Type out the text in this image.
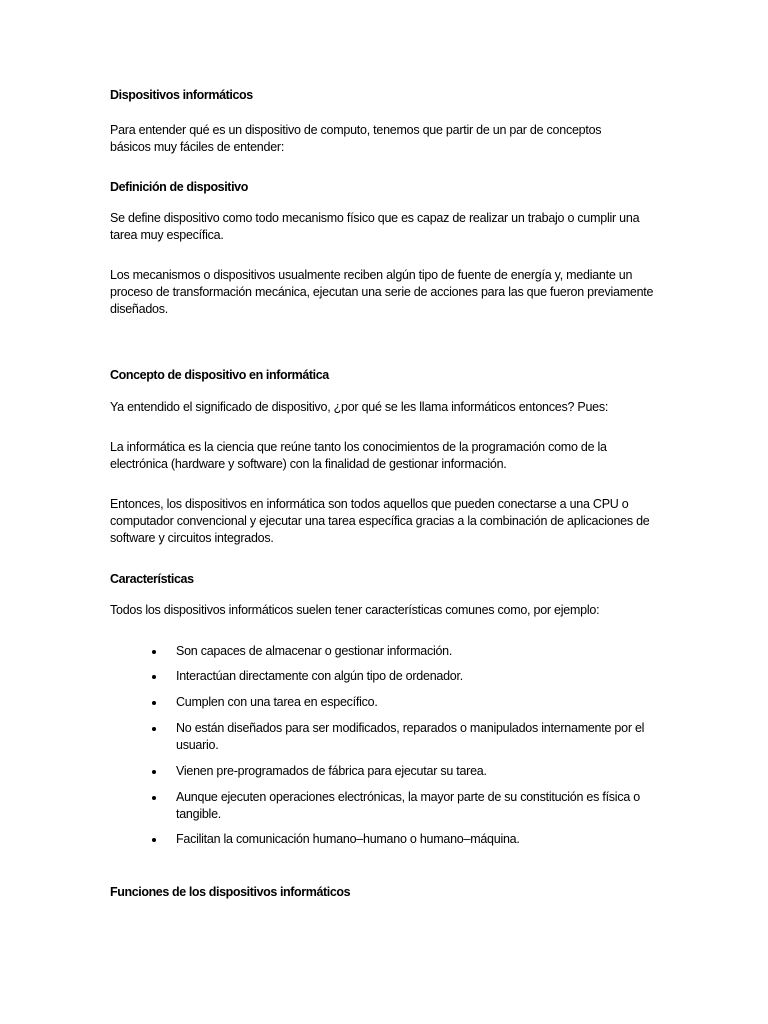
Dispositivos informáticos
Para entender qué es un dispositivo de computo, tenemos que partir de un par de conceptos básicos muy fáciles de entender:
Definición de dispositivo
Se define dispositivo como todo mecanismo físico que es capaz de realizar un trabajo o cumplir una tarea muy específica.
Los mecanismos o dispositivos usualmente reciben algún tipo de fuente de energía y, mediante un proceso de transformación mecánica, ejecutan una serie de acciones para las que fueron previamente diseñados.
Concepto de dispositivo en informática
Ya entendido el significado de dispositivo, ¿por qué se les llama informáticos entonces? Pues:
La informática es la ciencia que reúne tanto los conocimientos de la programación como de la electrónica (hardware y software) con la finalidad de gestionar información.
Entonces, los dispositivos en informática son todos aquellos que pueden conectarse a una CPU o computador convencional y ejecutar una tarea específica gracias a la combinación de aplicaciones de software y circuitos integrados.
Características
Todos los dispositivos informáticos suelen tener características comunes como, por ejemplo:
Son capaces de almacenar o gestionar información.
Interactúan directamente con algún tipo de ordenador.
Cumplen con una tarea en específico.
No están diseñados para ser modificados, reparados o manipulados internamente por el usuario.
Vienen pre-programados de fábrica para ejecutar su tarea.
Aunque ejecuten operaciones electrónicas, la mayor parte de su constitución es física o tangible.
Facilitan la comunicación humano–humano o humano–máquina.
Funciones de los dispositivos informáticos
